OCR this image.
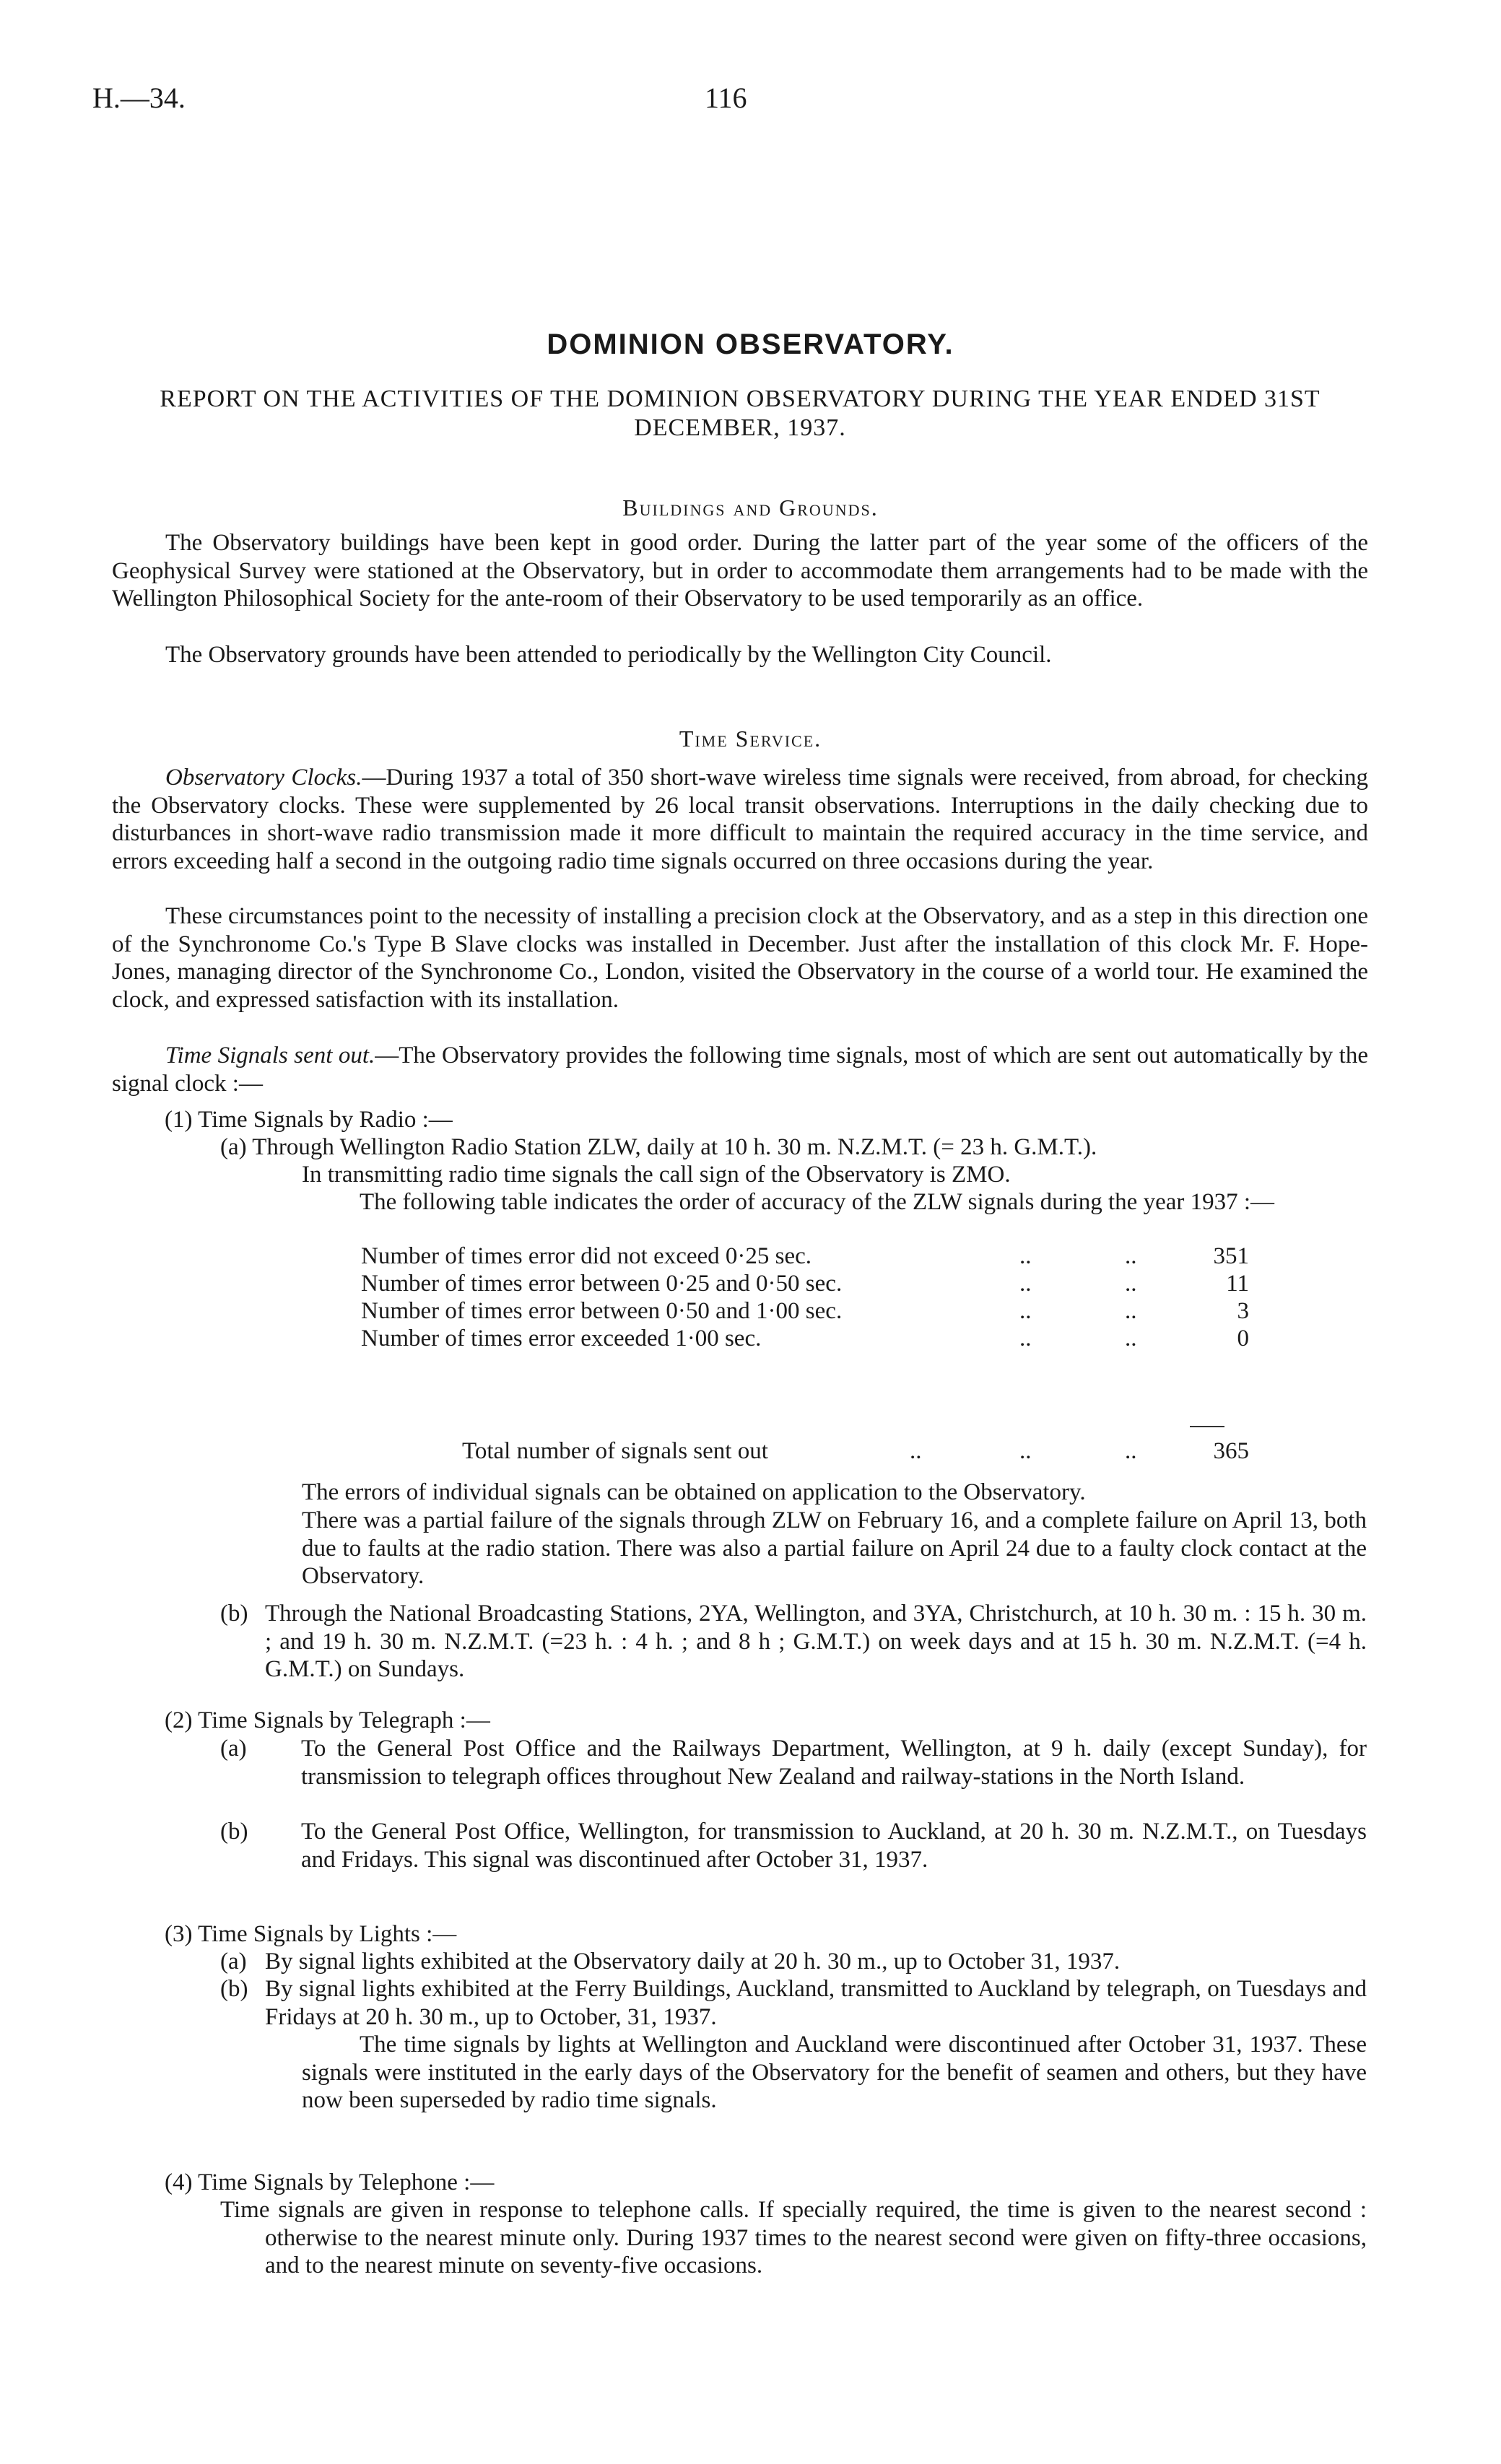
H.—34.	116
DOMINION OBSERVATORY.
REPORT ON THE ACTIVITIES OF THE DOMINION OBSERVATORY DURING THE YEAR ENDED 31ST DECEMBER, 1937.
Buildings and Grounds.
The Observatory buildings have been kept in good order. During the latter part of the year some of the officers of the Geophysical Survey were stationed at the Observatory, but in order to accommodate them arrangements had to be made with the Wellington Philosophical Society for the ante-room of their Observatory to be used temporarily as an office.
The Observatory grounds have been attended to periodically by the Wellington City Council.
Time Service.
Observatory Clocks.—During 1937 a total of 350 short-wave wireless time signals were received, from abroad, for checking the Observatory clocks. These were supplemented by 26 local transit observations. Interruptions in the daily checking due to disturbances in short-wave radio transmission made it more difficult to maintain the required accuracy in the time service, and errors exceeding half a second in the outgoing radio time signals occurred on three occasions during the year.
These circumstances point to the necessity of installing a precision clock at the Observatory, and as a step in this direction one of the Synchronome Co.'s Type B Slave clocks was installed in December. Just after the installation of this clock Mr. F. Hope-Jones, managing director of the Synchronome Co., London, visited the Observatory in the course of a world tour. He examined the clock, and expressed satisfaction with its installation.
Time Signals sent out.—The Observatory provides the following time signals, most of which are sent out automatically by the signal clock :—
(1) Time Signals by Radio :—
(a) Through Wellington Radio Station ZLW, daily at 10 h. 30 m. N.Z.M.T. (= 23 h. G.M.T.).
In transmitting radio time signals the call sign of the Observatory is ZMO.
The following table indicates the order of accuracy of the ZLW signals during the year 1937 :—
Number of times error did not exceed 0·25 sec.	..	..	351
Number of times error between 0·25 and 0·50 sec.	..	..	11
Number of times error between 0·50 and 1·00 sec.	..	..	3
Number of times error exceeded 1·00 sec.	..	..	0
Total number of signals sent out	..	..	..	365
The errors of individual signals can be obtained on application to the Observatory.
There was a partial failure of the signals through ZLW on February 16, and a complete failure on April 13, both due to faults at the radio station. There was also a partial failure on April 24 due to a faulty clock contact at the Observatory.
(b) Through the National Broadcasting Stations, 2YA, Wellington, and 3YA, Christchurch, at 10 h. 30 m. : 15 h. 30 m. ; and 19 h. 30 m. N.Z.M.T. (=23 h. : 4 h. ; and 8 h ; G.M.T.) on week days and at 15 h. 30 m. N.Z.M.T. (=4 h. G.M.T.) on Sundays.
(2) Time Signals by Telegraph :—
(a) To the General Post Office and the Railways Department, Wellington, at 9 h. daily (except Sunday), for transmission to telegraph offices throughout New Zealand and railway-stations in the North Island.
(b) To the General Post Office, Wellington, for transmission to Auckland, at 20 h. 30 m. N.Z.M.T., on Tuesdays and Fridays. This signal was discontinued after October 31, 1937.
(3) Time Signals by Lights :—
(a) By signal lights exhibited at the Observatory daily at 20 h. 30 m., up to October 31, 1937.
(b) By signal lights exhibited at the Ferry Buildings, Auckland, transmitted to Auckland by telegraph, on Tuesdays and Fridays at 20 h. 30 m., up to October, 31, 1937.
The time signals by lights at Wellington and Auckland were discontinued after October 31, 1937. These signals were instituted in the early days of the Observatory for the benefit of seamen and others, but they have now been superseded by radio time signals.
(4) Time Signals by Telephone :—
Time signals are given in response to telephone calls. If specially required, the time is given to the nearest second : otherwise to the nearest minute only. During 1937 times to the nearest second were given on fifty-three occasions, and to the nearest minute on seventy-five occasions.
